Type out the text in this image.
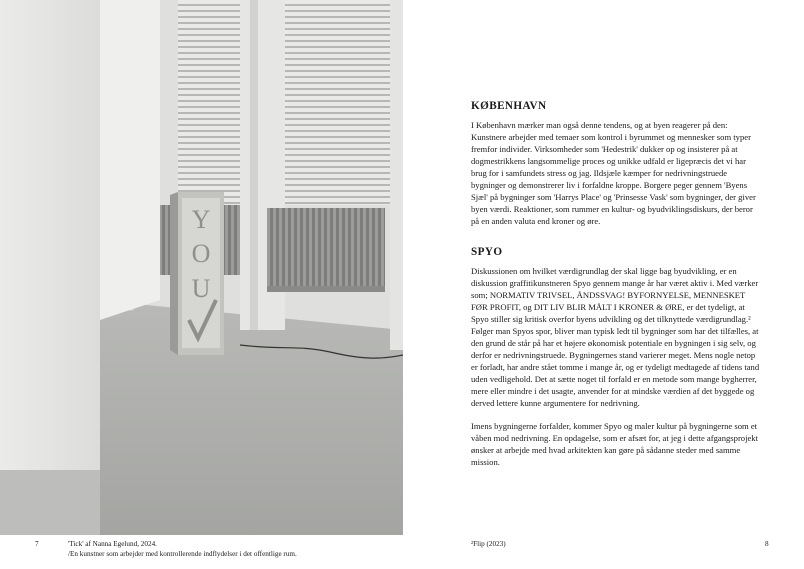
Y
O
U
KØBENHAVN

I København mærker man også denne tendens, og at byen reagerer på den: Kunstnere arbejder med temaer som kontrol i byrummet og mennesker som typer fremfor individer. Virksomheder som 'Hedestrik' dukker op og insisterer på at dogmestrikkens langsommelige proces og unikke udfald er ligepræcis det vi har brug for i samfundets stress og jag. Ildsjæle kæmper for nedrivningstruede bygninger og demonstrerer liv i forfaldne kroppe. Borgere peger gennem 'Byens Sjæl' på bygninger som 'Harrys Place' og 'Prinsesse Vask' som bygninger, der giver byen værdi. Reaktioner, som rummer en kultur- og byudviklingsdiskurs, der beror på en anden valuta end kroner og øre.

SPYO

Diskussionen om hvilket værdigrundlag der skal ligge bag byudvikling, er en diskussion graffitikunstneren Spyo gennem mange år har været aktiv i. Med værker som; NORMATIV TRIVSEL, ÅNDSSVAG! BYFORNYELSE, MENNESKET FØR PROFIT, og DIT LIV BLIR MÅLT I KRONER & ØRE, er det tydeligt, at Spyo stiller sig kritisk overfor byens udvikling og det tilknyttede værdigrundlag.² Følger man Spyos spor, bliver man typisk ledt til bygninger som har det tilfælles, at den grund de står på har et højere økonomisk potentiale en bygningen i sig selv, og derfor er nedrivningstruede. Bygningernes stand varierer meget. Mens nogle netop er forladt, har andre stået tomme i mange år, og er tydeligt medtagede af tidens tand uden vedligehold. Det at sætte noget til forfald er en metode som mange bygherrer, mere eller mindre i det usagte, anvender for at mindske værdien af det byggede og derved lettere kunne argumentere for nedrivning.

Imens bygningerne forfalder, kommer Spyo og maler kultur på bygningerne som et våben mod nedrivning. En opdagelse, som er afsæt for, at jeg i dette afgangsprojekt ønsker at arbejde med hvad arkitekten kan gøre på sådanne steder med samme mission.

7	'Tick' af Nanna Egelund, 2024.
/En kunstner som arbejder med kontrollerende indflydelser i det offentlige rum.
²Flip (2023)	8
